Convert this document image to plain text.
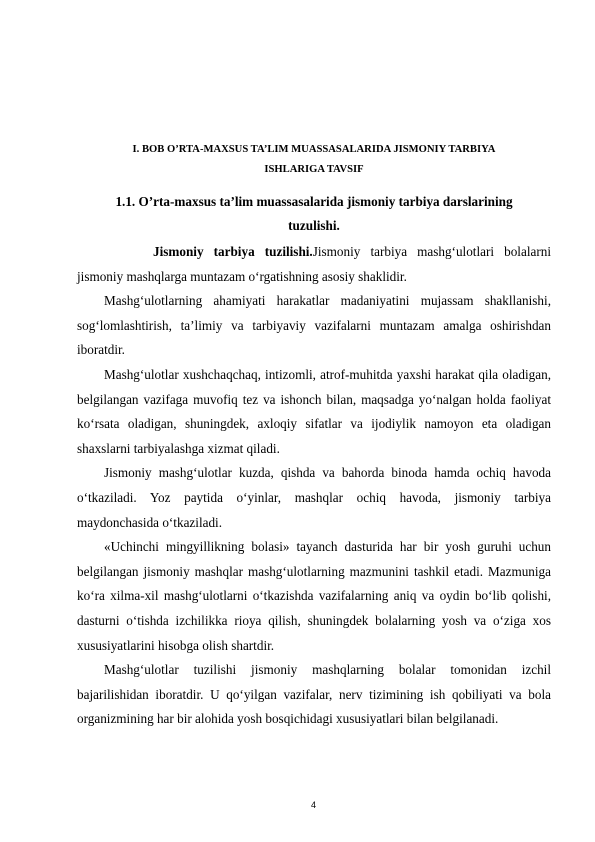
I. BOB O’RTA-MAXSUS TA’LIM MUASSASALARIDA JISMONIY TARBIYA
ISHLARIGA TAVSIF
1.1. O’rta-maxsus ta’lim muassasalarida jismoniy tarbiya darslarining
tuzulishi.

Jismoniy tarbiya tuzilishi.Jismoniy tarbiya mashg‘ulotlari bolalarni jismoniy mashqlarga muntazam o‘rgatishning asosiy shaklidir.

Mashg‘ulotlarning ahamiyati harakatlar madaniyatini mujassam shakllanishi, sog‘lomlashtirish, ta’limiy va tarbiyaviy vazifalarni muntazam amalga oshirishdan iboratdir.

Mashg‘ulotlar xushchaqchaq, intizomli, atrof-muhitda yaxshi harakat qila oladigan, belgilangan vazifaga muvofiq tez va ishonch bilan, maqsadga yo‘nalgan holda faoliyat ko‘rsata oladigan, shuningdek, axloqiy sifatlar va ijodiylik namoyon eta oladigan shaxslarni tarbiyalashga xizmat qiladi.

Jismoniy mashg‘ulotlar kuzda, qishda va bahorda binoda hamda ochiq havoda o‘tkaziladi. Yoz paytida o‘yinlar, mashqlar ochiq havoda, jismoniy tarbiya maydonchasida o‘tkaziladi.

«Uchinchi mingyillikning bolasi» tayanch dasturida har bir yosh guruhi uchun belgilangan jismoniy mashqlar mashg‘ulotlarning mazmunini tashkil etadi. Mazmuniga ko‘ra xilma-xil mashg‘ulotlarni o‘tkazishda vazifalarning aniq va oydin bo‘lib qolishi, dasturni o‘tishda izchilikka rioya qilish, shuningdek bolalarning yosh va o‘ziga xos xususiyatlarini hisobga olish shartdir.

Mashg‘ulotlar tuzilishi jismoniy mashqlarning bolalar tomonidan izchil bajarilishidan iboratdir. U qo‘yilgan vazifalar, nerv tizimining ish qobiliyati va bola organizmining har bir alohida yosh bosqichidagi xususiyatlari bilan belgilanadi.

4
